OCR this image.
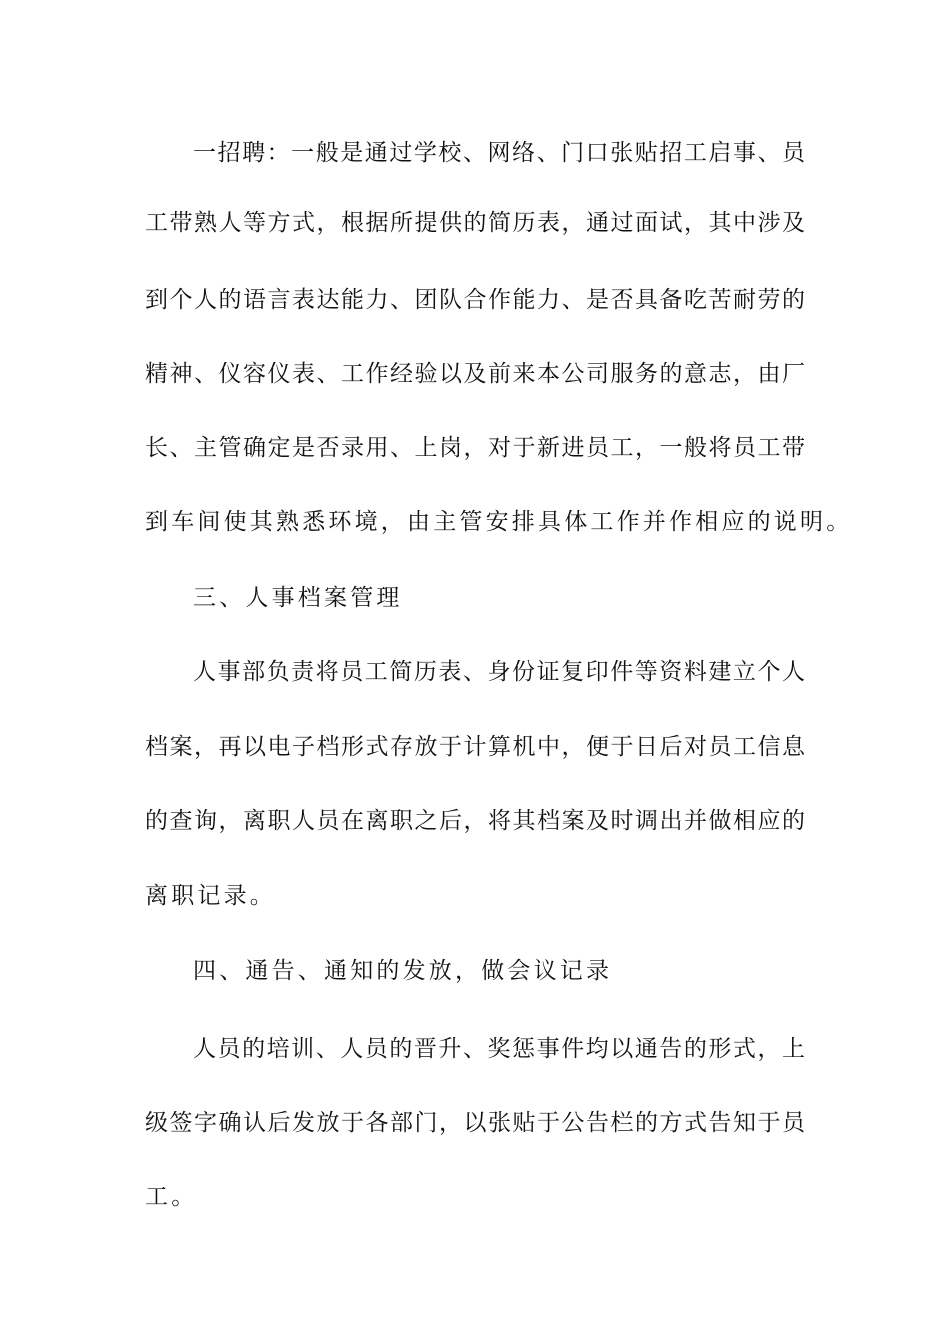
一招聘：一般是通过学校、网络、门口张贴招工启事、员
工带熟人等方式，根据所提供的简历表，通过面试，其中涉及
到个人的语言表达能力、团队合作能力、是否具备吃苦耐劳的
精神、仪容仪表、工作经验以及前来本公司服务的意志，由厂
长、主管确定是否录用、上岗，对于新进员工，一般将员工带
到车间使其熟悉环境，由主管安排具体工作并作相应的说明。
三、人事档案管理
人事部负责将员工简历表、身份证复印件等资料建立个人
档案，再以电子档形式存放于计算机中，便于日后对员工信息
的查询，离职人员在离职之后，将其档案及时调出并做相应的
离职记录。
四、通告、通知的发放，做会议记录
人员的培训、人员的晋升、奖惩事件均以通告的形式，上
级签字确认后发放于各部门，以张贴于公告栏的方式告知于员
工。
